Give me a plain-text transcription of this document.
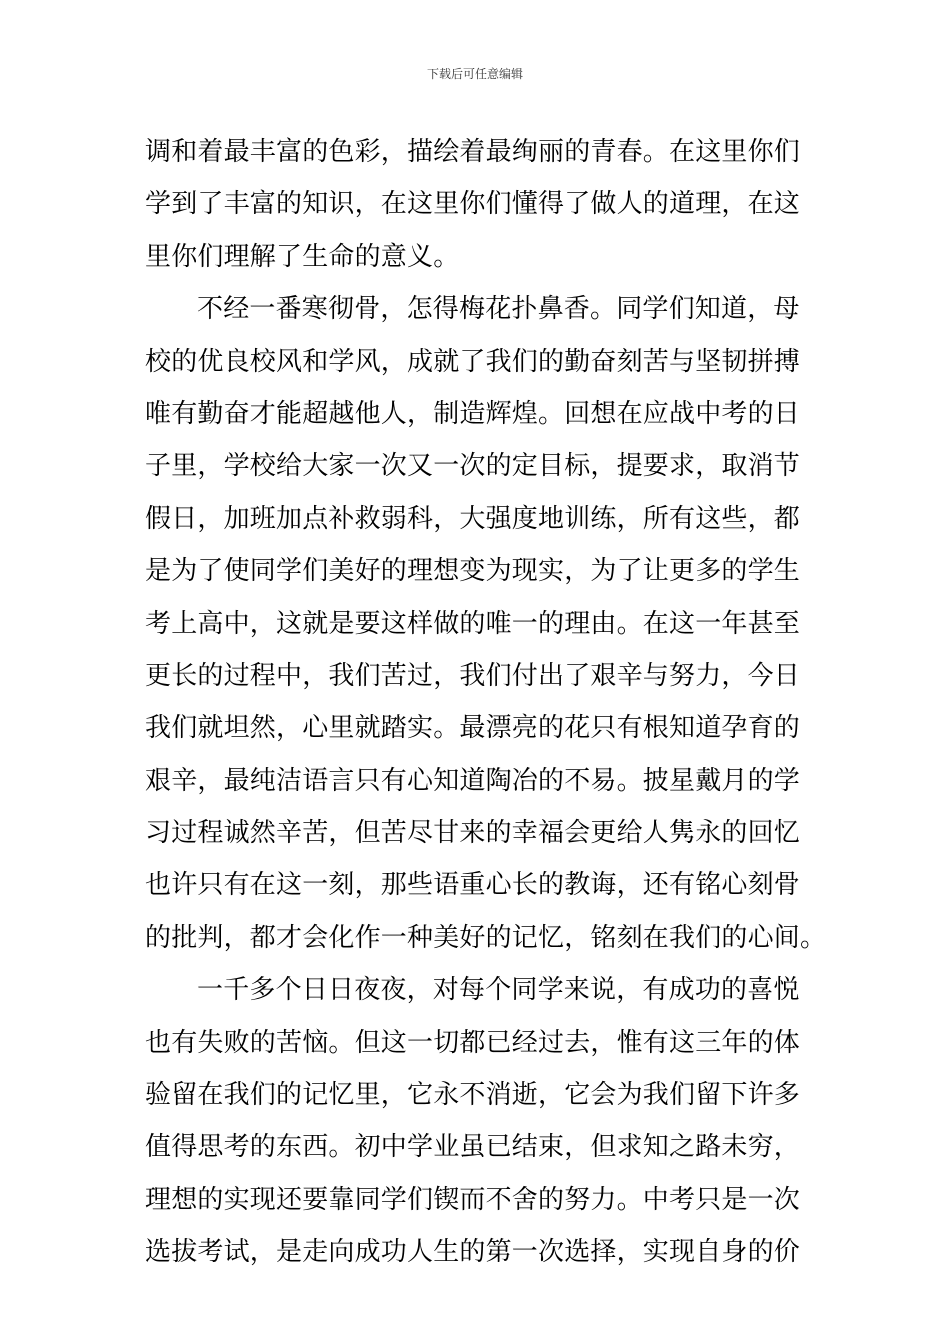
下载后可任意编辑
调和着最丰富的色彩，描绘着最绚丽的青春。在这里你们
学到了丰富的知识，在这里你们懂得了做人的道理，在这
里你们理解了生命的意义。
不经一番寒彻骨，怎得梅花扑鼻香。同学们知道，母
校的优良校风和学风，成就了我们的勤奋刻苦与坚韧拼搏
唯有勤奋才能超越他人，制造辉煌。回想在应战中考的日
子里，学校给大家一次又一次的定目标，提要求，取消节
假日，加班加点补救弱科，大强度地训练，所有这些，都
是为了使同学们美好的理想变为现实，为了让更多的学生
考上高中，这就是要这样做的唯一的理由。在这一年甚至
更长的过程中，我们苦过，我们付出了艰辛与努力，今日
我们就坦然，心里就踏实。最漂亮的花只有根知道孕育的
艰辛，最纯洁语言只有心知道陶冶的不易。披星戴月的学
习过程诚然辛苦，但苦尽甘来的幸福会更给人隽永的回忆
也许只有在这一刻，那些语重心长的教诲，还有铭心刻骨
的批判，都才会化作一种美好的记忆，铭刻在我们的心间。
一千多个日日夜夜，对每个同学来说，有成功的喜悦
也有失败的苦恼。但这一切都已经过去，惟有这三年的体
验留在我们的记忆里，它永不消逝，它会为我们留下许多
值得思考的东西。初中学业虽已结束，但求知之路未穷，
理想的实现还要靠同学们锲而不舍的努力。中考只是一次
选拔考试，是走向成功人生的第一次选择，实现自身的价
